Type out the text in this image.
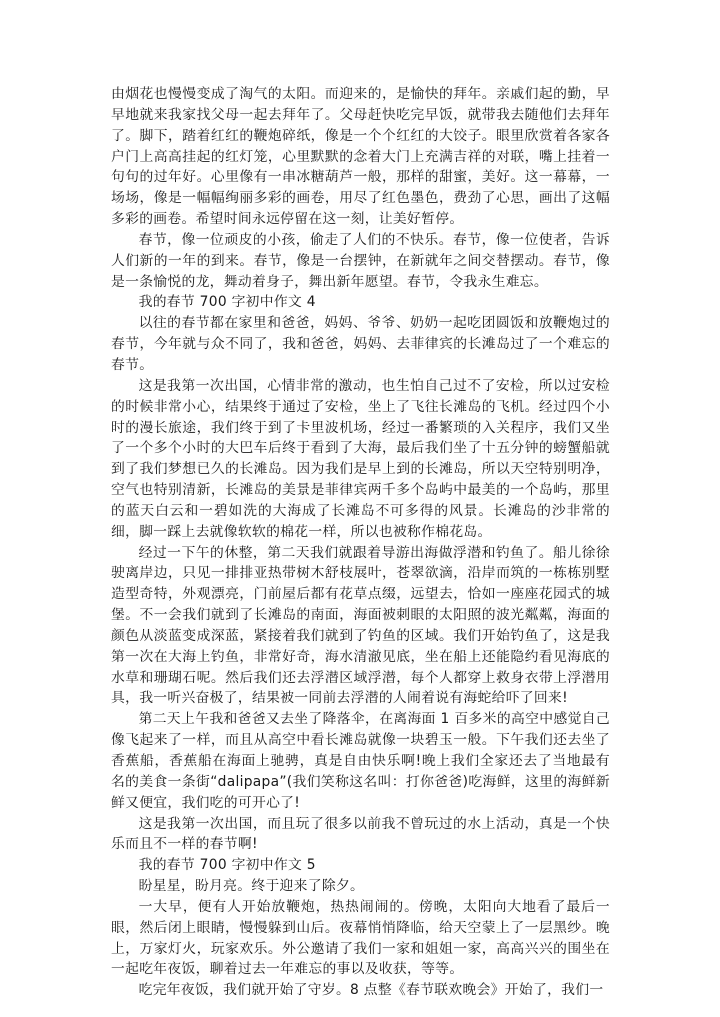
由烟花也慢慢变成了淘气的太阳。而迎来的，是愉快的拜年。亲戚们起的勤，早早地就来我家找父母一起去拜年了。父母赶快吃完早饭，就带我去随他们去拜年了。脚下，踏着红红的鞭炮碎纸，像是一个个红红的大饺子。眼里欣赏着各家各户门上高高挂起的红灯笼，心里默默的念着大门上充满吉祥的对联，嘴上挂着一句句的过年好。心里像有一串冰糖葫芦一般，那样的甜蜜，美好。这一幕幕，一场场，像是一幅幅绚丽多彩的画卷，用尽了红色墨色，费劲了心思，画出了这幅多彩的画卷。希望时间永远停留在这一刻，让美好暂停。

春节，像一位顽皮的小孩，偷走了人们的不快乐。春节，像一位使者，告诉人们新的一年的到来。春节，像是一台摆钟，在新就年之间交替摆动。春节，像是一条愉悦的龙，舞动着身子，舞出新年愿望。春节，令我永生难忘。

我的春节 700 字初中作文 4

以往的春节都在家里和爸爸，妈妈、爷爷、奶奶一起吃团圆饭和放鞭炮过的春节，今年就与众不同了，我和爸爸，妈妈、去菲律宾的长滩岛过了一个难忘的春节。

这是我第一次出国，心情非常的激动，也生怕自己过不了安检，所以过安检的时候非常小心，结果终于通过了安检，坐上了飞往长滩岛的飞机。经过四个小时的漫长旅途，我们终于到了卡里波机场，经过一番繁琐的入关程序，我们又坐了一个多个小时的大巴车后终于看到了大海，最后我们坐了十五分钟的螃蟹船就到了我们梦想已久的长滩岛。因为我们是早上到的长滩岛，所以天空特别明净，空气也特别清新，长滩岛的美景是菲律宾两千多个岛屿中最美的一个岛屿，那里的蓝天白云和一碧如洗的大海成了长滩岛不可多得的风景。长滩岛的沙非常的细，脚一踩上去就像软软的棉花一样，所以也被称作棉花岛。

经过一下午的休整，第二天我们就跟着导游出海做浮潜和钓鱼了。船儿徐徐驶离岸边，只见一排排亚热带树木舒枝展叶，苍翠欲滴，沿岸而筑的一栋栋别墅造型奇特，外观漂亮，门前屋后都有花草点缀，远望去，恰如一座座花园式的城堡。不一会我们就到了长滩岛的南面，海面被刺眼的太阳照的波光粼粼，海面的颜色从淡蓝变成深蓝，紧接着我们就到了钓鱼的区域。我们开始钓鱼了，这是我第一次在大海上钓鱼，非常好奇，海水清澈见底，坐在船上还能隐约看见海底的水草和珊瑚石呢。然后我们还去浮潜区域浮潜，每个人都穿上救身衣带上浮潜用具，我一听兴奋极了，结果被一同前去浮潜的人闹着说有海蛇给吓了回来!

第二天上午我和爸爸又去坐了降落伞，在离海面 1 百多米的高空中感觉自己像飞起来了一样，而且从高空中看长滩岛就像一块碧玉一般。下午我们还去坐了香蕉船，香蕉船在海面上驰骋，真是自由快乐啊!晚上我们全家还去了当地最有名的美食一条街“dalipapa”(我们笑称这名叫：打你爸爸)吃海鲜，这里的海鲜新鲜又便宜，我们吃的可开心了!

这是我第一次出国，而且玩了很多以前我不曾玩过的水上活动，真是一个快乐而且不一样的春节啊!

我的春节 700 字初中作文 5

盼星星，盼月亮。终于迎来了除夕。

一大早，便有人开始放鞭炮，热热闹闹的。傍晚，太阳向大地看了最后一眼，然后闭上眼睛，慢慢躲到山后。夜幕悄悄降临，给天空蒙上了一层黑纱。晚上，万家灯火，玩家欢乐。外公邀请了我们一家和姐姐一家，高高兴兴的围坐在一起吃年夜饭，聊着过去一年难忘的事以及收获，等等。

吃完年夜饭，我们就开始了守岁。8 点整《春节联欢晚会》开始了，我们一
